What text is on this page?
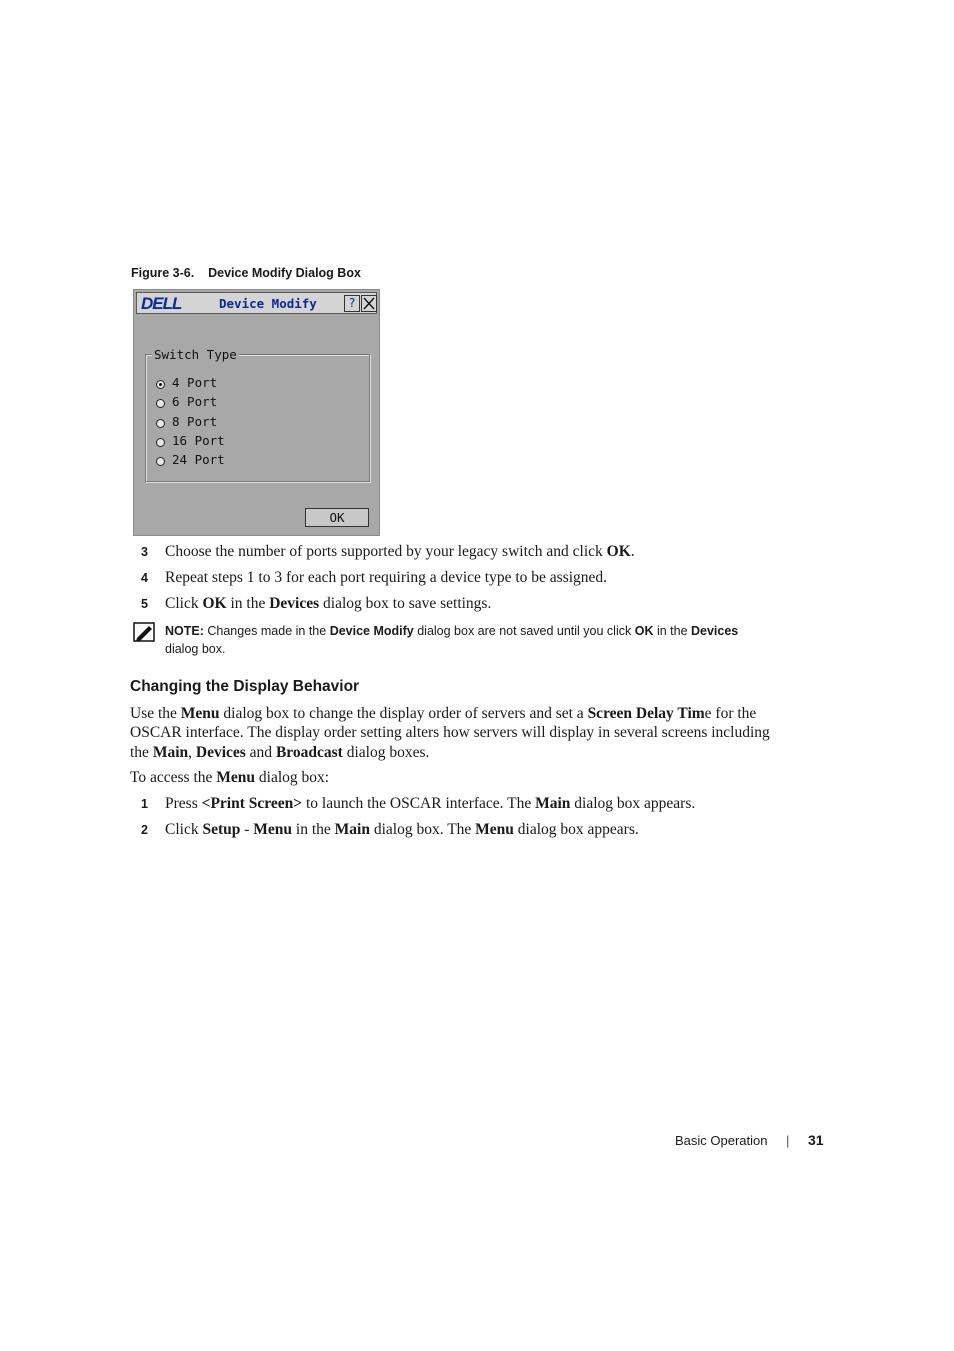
Figure 3-6.    Device Modify Dialog Box
DELL	Device Modify	?
Switch Type
4 Port
6 Port
8 Port
16 Port
24 Port
OK
3 Choose the number of ports supported by your legacy switch and click OK.
4 Repeat steps 1 to 3 for each port requiring a device type to be assigned.
5 Click OK in the Devices dialog box to save settings.
NOTE: Changes made in the Device Modify dialog box are not saved until you click OK in the Devices
dialog box.
Changing the Display Behavior
Use the Menu dialog box to change the display order of servers and set a Screen Delay Time for the
OSCAR interface. The display order setting alters how servers will display in several screens including
the Main, Devices and Broadcast dialog boxes.
To access the Menu dialog box:
1 Press <Print Screen> to launch the OSCAR interface. The Main dialog box appears.
2 Click Setup - Menu in the Main dialog box. The Menu dialog box appears.
Basic Operation | 31
